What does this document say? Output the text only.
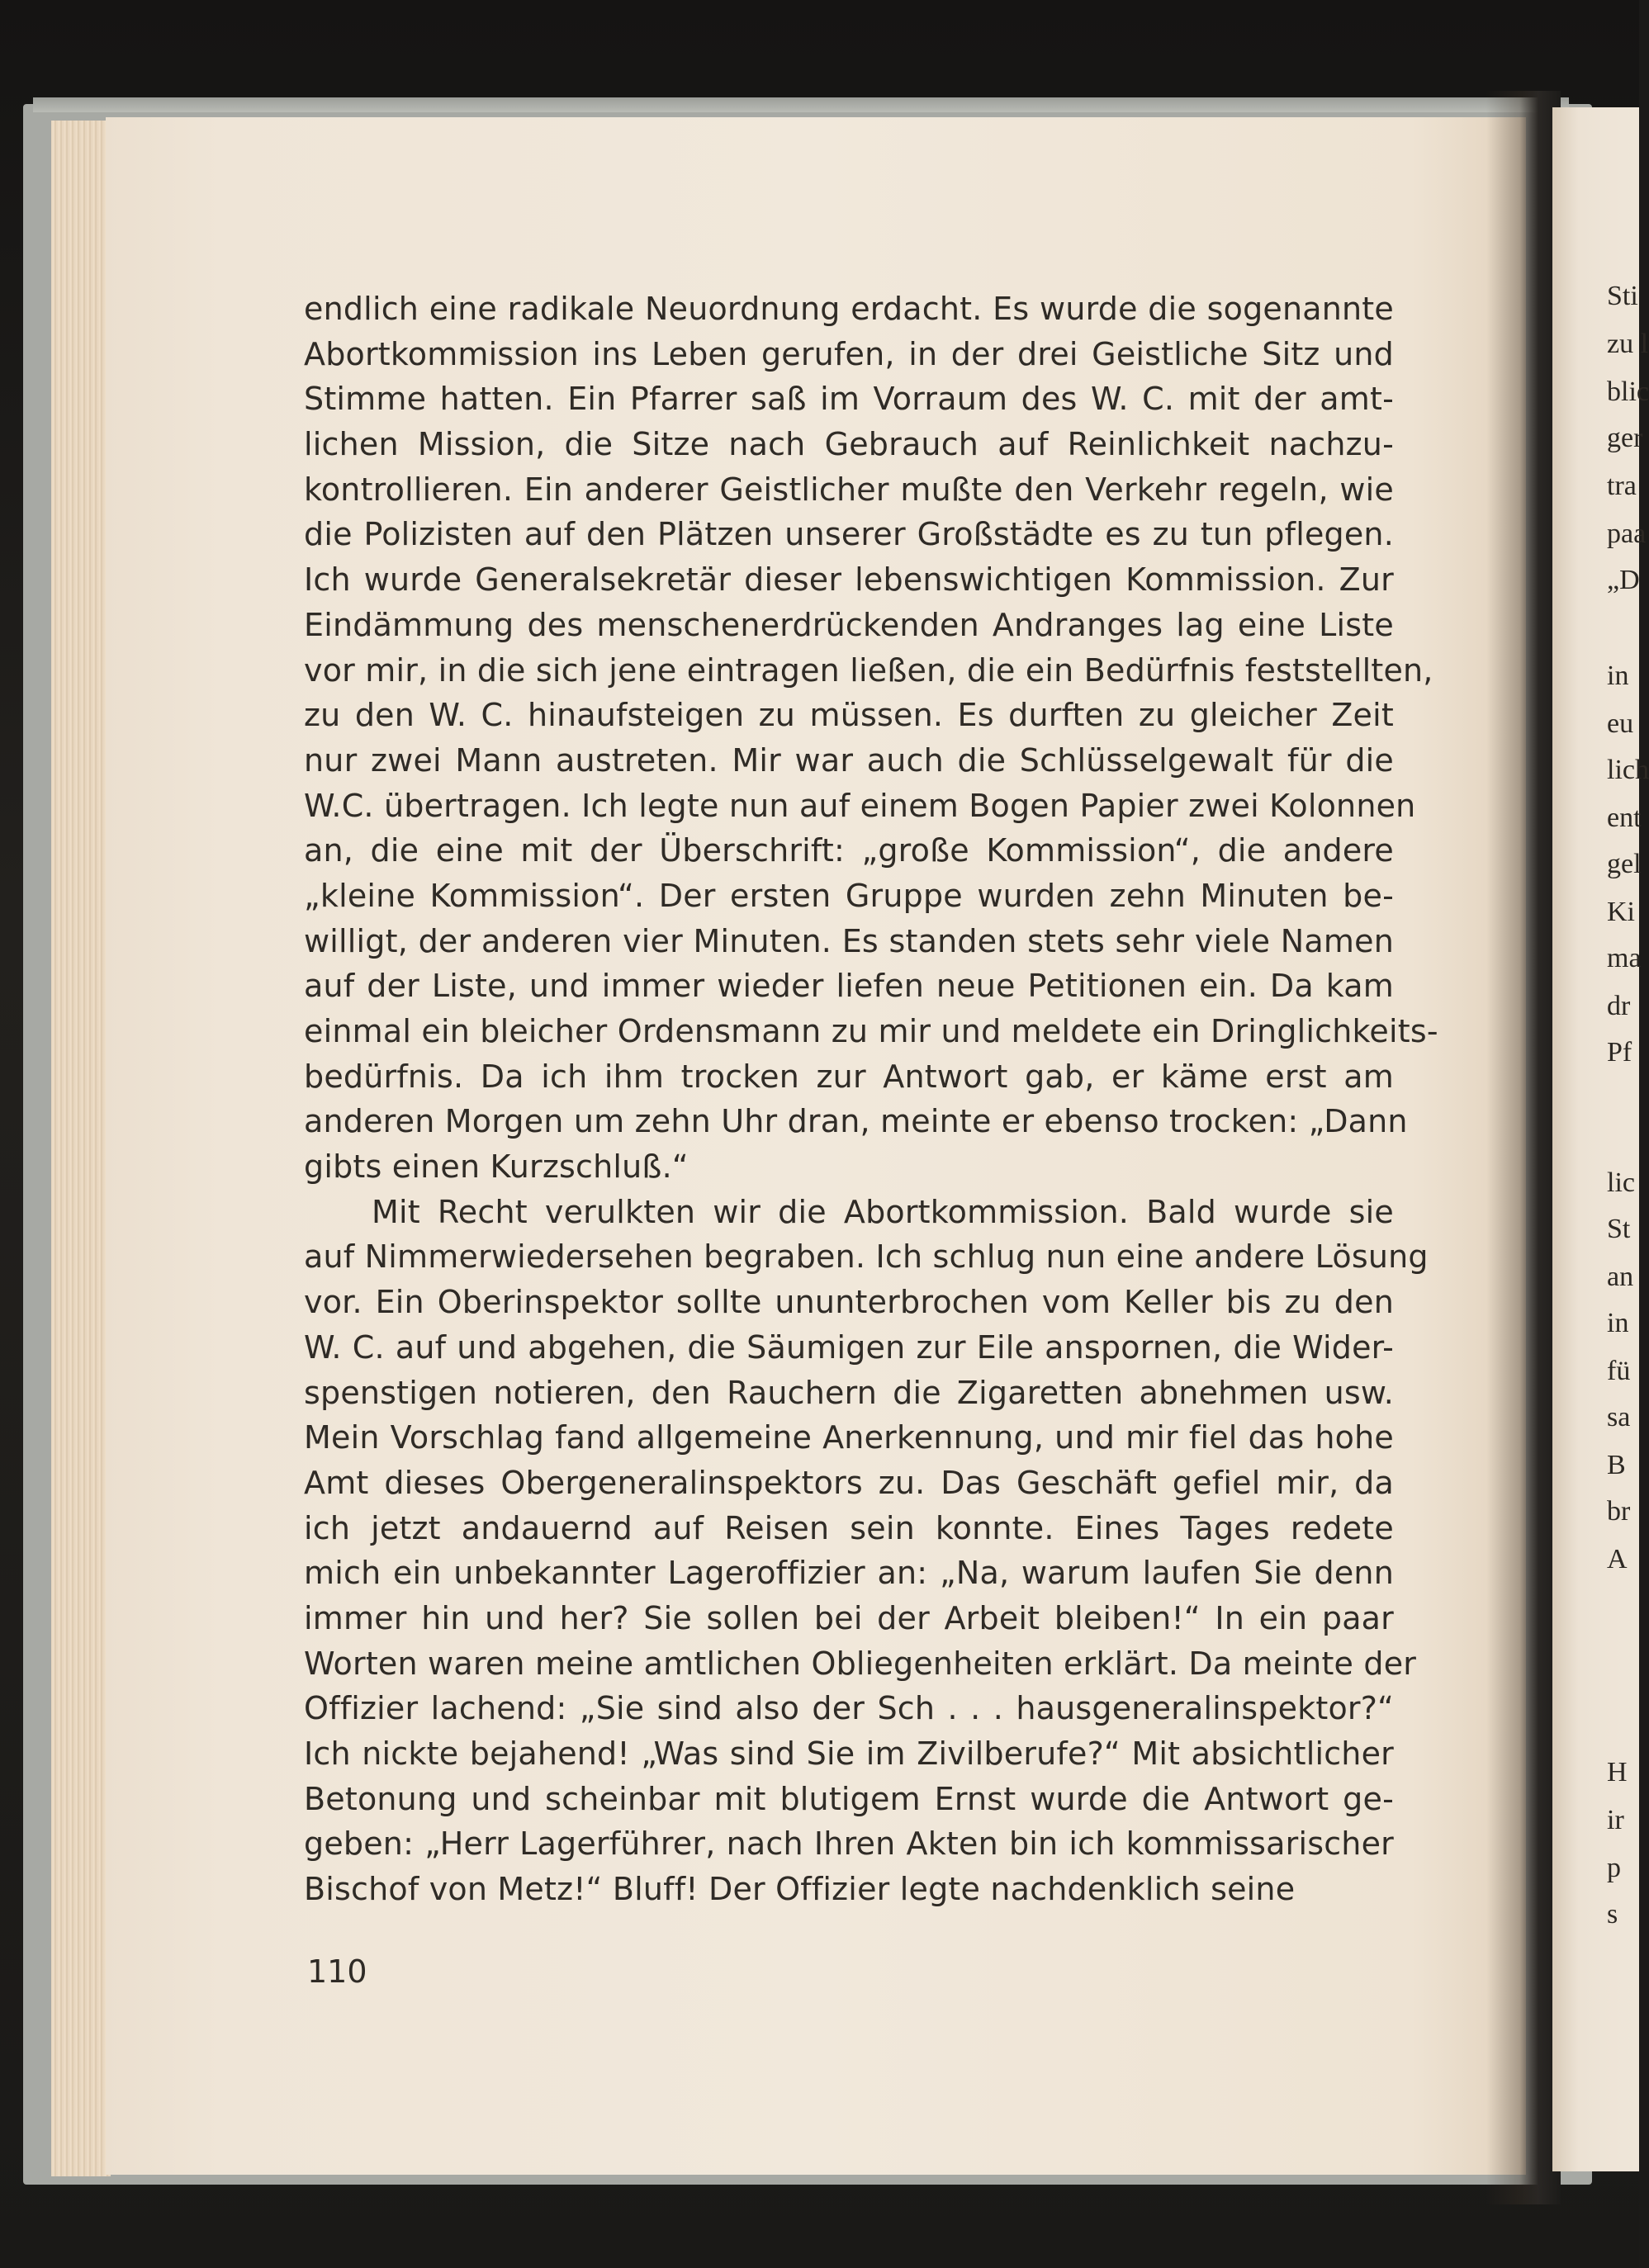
endlich eine radikale Neuordnung erdacht. Es wurde die sogenannte
Abortkommission ins Leben gerufen, in der drei Geistliche Sitz und
Stimme hatten. Ein Pfarrer saß im Vorraum des W. C. mit der amt-
lichen Mission, die Sitze nach Gebrauch auf Reinlichkeit nachzu-
kontrollieren. Ein anderer Geistlicher mußte den Verkehr regeln, wie
die Polizisten auf den Plätzen unserer Großstädte es zu tun pflegen.
Ich wurde Generalsekretär dieser lebenswichtigen Kommission. Zur
Eindämmung des menschenerdrückenden Andranges lag eine Liste
vor mir, in die sich jene eintragen ließen, die ein Bedürfnis feststellten,
zu den W. C. hinaufsteigen zu müssen. Es durften zu gleicher Zeit
nur zwei Mann austreten. Mir war auch die Schlüsselgewalt für die
W.C. übertragen. Ich legte nun auf einem Bogen Papier zwei Kolonnen
an, die eine mit der Überschrift: „große Kommission“, die andere
„kleine Kommission“. Der ersten Gruppe wurden zehn Minuten be-
willigt, der anderen vier Minuten. Es standen stets sehr viele Namen
auf der Liste, und immer wieder liefen neue Petitionen ein. Da kam
einmal ein bleicher Ordensmann zu mir und meldete ein Dringlichkeits-
bedürfnis. Da ich ihm trocken zur Antwort gab, er käme erst am
anderen Morgen um zehn Uhr dran, meinte er ebenso trocken: „Dann
gibts einen Kurzschluß.“
Mit Recht verulkten wir die Abortkommission. Bald wurde sie
auf Nimmerwiedersehen begraben. Ich schlug nun eine andere Lösung
vor. Ein Oberinspektor sollte ununterbrochen vom Keller bis zu den
W. C. auf und abgehen, die Säumigen zur Eile anspornen, die Wider-
spenstigen notieren, den Rauchern die Zigaretten abnehmen usw.
Mein Vorschlag fand allgemeine Anerkennung, und mir fiel das hohe
Amt dieses Obergeneralinspektors zu. Das Geschäft gefiel mir, da
ich jetzt andauernd auf Reisen sein konnte. Eines Tages redete
mich ein unbekannter Lageroffizier an: „Na, warum laufen Sie denn
immer hin und her? Sie sollen bei der Arbeit bleiben!“ In ein paar
Worten waren meine amtlichen Obliegenheiten erklärt. Da meinte der
Offizier lachend: „Sie sind also der Sch . . . hausgeneralinspektor?“
Ich nickte bejahend! „Was sind Sie im Zivilberufe?“ Mit absichtlicher
Betonung und scheinbar mit blutigem Ernst wurde die Antwort ge-
geben: „Herr Lagerführer, nach Ihren Akten bin ich kommissarischer
Bischof von Metz!“ Bluff! Der Offizier legte nachdenklich seine
110
Sti
zu l
blic
ger
tra
paa
„D
in
eu
lich
ent
gel
Ki
ma
dr
Pf
lic
St
an
in
fü
sa
B
br
A
H
ir
p
s
